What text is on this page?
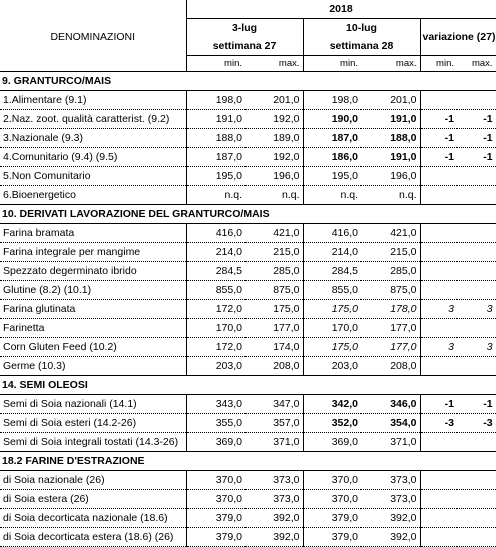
	2018					
DENOMINAZIONI	3-lug		10-lug		variazione (27)	
	settimana 27		settimana 28			
	min.	max.	min.	max.	min.	max.
9. GRANTURCO/MAIS						
1.Alimentare (9.1)	198,0	201,0	198,0	201,0		
2.Naz. zoot. qualità caratterist. (9.2)	191,0	192,0	190,0	191,0	-1	-1
3.Nazionale (9.3)	188,0	189,0	187,0	188,0	-1	-1
4.Comunitario (9.4) (9.5)	187,0	192,0	186,0	191,0	-1	-1
5.Non Comunitario	195,0	196,0	195,0	196,0		
6.Bioenergetico	n.q.	n.q.	n.q.	n.q.		
10. DERIVATI LAVORAZIONE DEL GRANTURCO/MAIS						
Farina bramata	416,0	421,0	416,0	421,0		
Farina integrale per mangime	214,0	215,0	214,0	215,0		
Spezzato degerminato ibrido	284,5	285,0	284,5	285,0		
Glutine (8.2) (10.1)	855,0	875,0	855,0	875,0		
Farina glutinata	172,0	175,0	175,0	178,0	3	3
Farinetta	170,0	177,0	170,0	177,0		
Corn Gluten Feed (10.2)	172,0	174,0	175,0	177,0	3	3
Germe (10.3)	203,0	208,0	203,0	208,0		
14. SEMI OLEOSI						
Semi di Soia nazionali (14.1)	343,0	347,0	342,0	346,0	-1	-1
Semi di Soia esteri (14.2-26)	355,0	357,0	352,0	354,0	-3	-3
Semi di Soia integrali tostati (14.3-26)	369,0	371,0	369,0	371,0		
18.2 FARINE D'ESTRAZIONE						
di Soia nazionale (26)	370,0	373,0	370,0	373,0		
di Soia estera (26)	370,0	373,0	370,0	373,0		
di Soia decorticata nazionale (18.6)	379,0	392,0	379,0	392,0		
di Soia decorticata estera (18.6) (26)	379,0	392,0	379,0	392,0		
